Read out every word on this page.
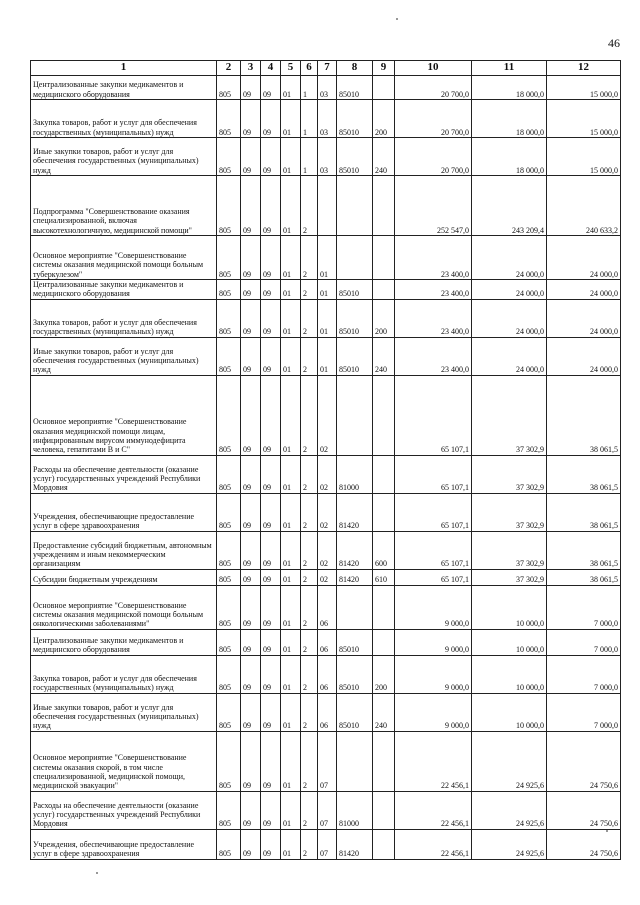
46
1	2	3	4	5	6	7	8	9	10	11	12
Централизованные закупки медикаментов и медицинского оборудования	805	09	09	01	1	03	85010		20 700,0	18 000,0	15 000,0
Закупка товаров, работ и услуг для обеспечения государственных (муниципальных) нужд	805	09	09	01	1	03	85010	200	20 700,0	18 000,0	15 000,0
Иные закупки товаров, работ и услуг для обеспечения государственных (муниципальных) нужд	805	09	09	01	1	03	85010	240	20 700,0	18 000,0	15 000,0
Подпрограмма "Совершенствование оказания специализированной, включая высокотехнологичную, медицинской помощи"	805	09	09	01	2				252 547,0	243 209,4	240 633,2
Основное мероприятие "Совершенствование системы оказания медицинской помощи больным туберкулезом"	805	09	09	01	2	01			23 400,0	24 000,0	24 000,0
Централизованные закупки медикаментов и медицинского оборудования	805	09	09	01	2	01	85010		23 400,0	24 000,0	24 000,0
Закупка товаров, работ и услуг для обеспечения государственных (муниципальных) нужд	805	09	09	01	2	01	85010	200	23 400,0	24 000,0	24 000,0
Иные закупки товаров, работ и услуг для обеспечения государственных (муниципальных) нужд	805	09	09	01	2	01	85010	240	23 400,0	24 000,0	24 000,0
Основное мероприятие "Совершенствование оказания медицинской помощи лицам, инфицированным вирусом иммунодефицита человека, гепатитами B и C"	805	09	09	01	2	02			65 107,1	37 302,9	38 061,5
Расходы на обеспечение деятельности (оказание услуг) государственных учреждений Республики Мордовия	805	09	09	01	2	02	81000		65 107,1	37 302,9	38 061,5
Учреждения, обеспечивающие предоставление услуг в сфере здравоохранения	805	09	09	01	2	02	81420		65 107,1	37 302,9	38 061,5
Предоставление субсидий бюджетным, автономным учреждениям и иным некоммерческим организациям	805	09	09	01	2	02	81420	600	65 107,1	37 302,9	38 061,5
Субсидии бюджетным учреждениям	805	09	09	01	2	02	81420	610	65 107,1	37 302,9	38 061,5
Основное мероприятие "Совершенствование системы оказания медицинской помощи больным онкологическими заболеваниями"	805	09	09	01	2	06			9 000,0	10 000,0	7 000,0
Централизованные закупки медикаментов и медицинского оборудования	805	09	09	01	2	06	85010		9 000,0	10 000,0	7 000,0
Закупка товаров, работ и услуг для обеспечения государственных (муниципальных) нужд	805	09	09	01	2	06	85010	200	9 000,0	10 000,0	7 000,0
Иные закупки товаров, работ и услуг для обеспечения государственных (муниципальных) нужд	805	09	09	01	2	06	85010	240	9 000,0	10 000,0	7 000,0
Основное мероприятие "Совершенствование системы оказания скорой, в том числе специализированной, медицинской помощи, медицинской эвакуации"	805	09	09	01	2	07			22 456,1	24 925,6	24 750,6
Расходы на обеспечение деятельности (оказание услуг) государственных учреждений Республики Мордовия	805	09	09	01	2	07	81000		22 456,1	24 925,6	24 750,6
Учреждения, обеспечивающие предоставление услуг в сфере здравоохранения	805	09	09	01	2	07	81420		22 456,1	24 925,6	24 750,6
